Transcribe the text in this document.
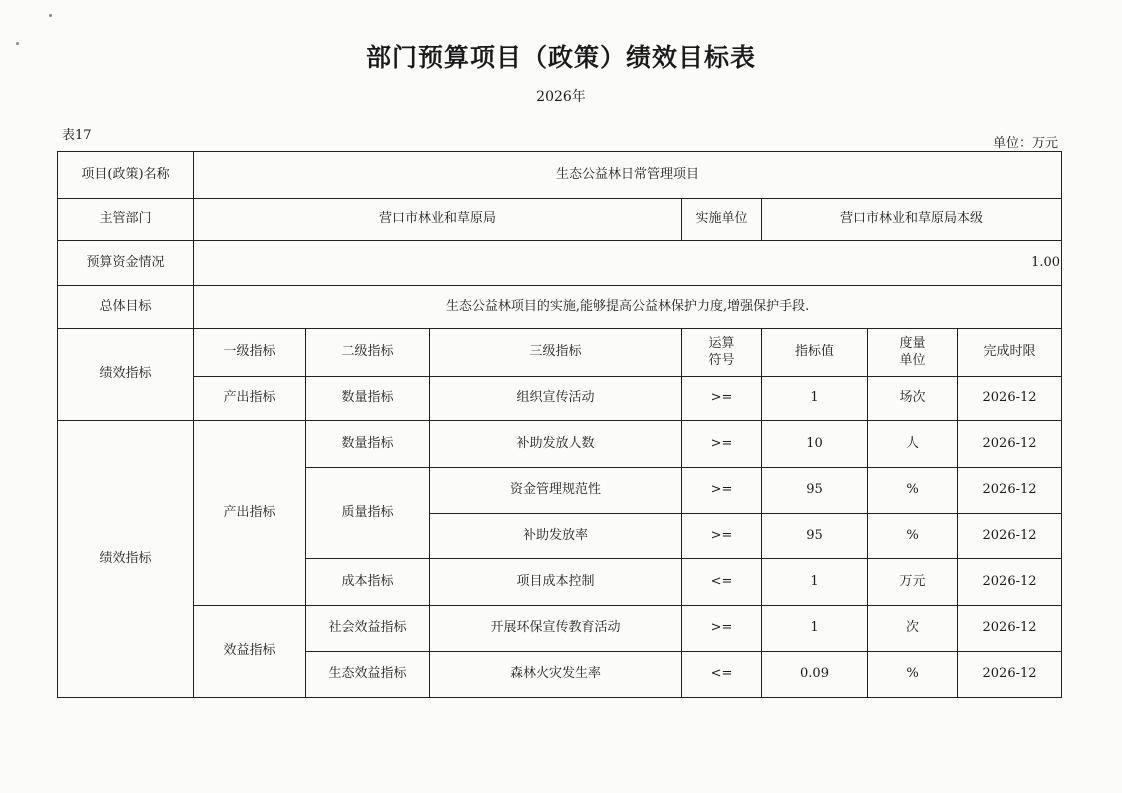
部门预算项目（政策）绩效目标表
2026年
表17
单位：万元
项目(政策)名称	生态公益林日常管理项目						
主管部门	营口市林业和草原局			实施单位	营口市林业和草原局本级		
预算资金情况	1.00						
总体目标	生态公益林项目的实施,能够提高公益林保护力度,增强保护手段.						
绩效指标	一级指标	二级指标	三级指标	运算符号	指标值	度量单位	完成时限
	产出指标	数量指标	组织宣传活动	>=	1	场次	2026-12
绩效指标	产出指标	数量指标	补助发放人数	>=	10	人	2026-12
		质量指标	资金管理规范性	>=	95	%	2026-12
			补助发放率	>=	95	%	2026-12
		成本指标	项目成本控制	<=	1	万元	2026-12
	效益指标	社会效益指标	开展环保宣传教育活动	>=	1	次	2026-12
		生态效益指标	森林火灾发生率	<=	0.09	%	2026-12
